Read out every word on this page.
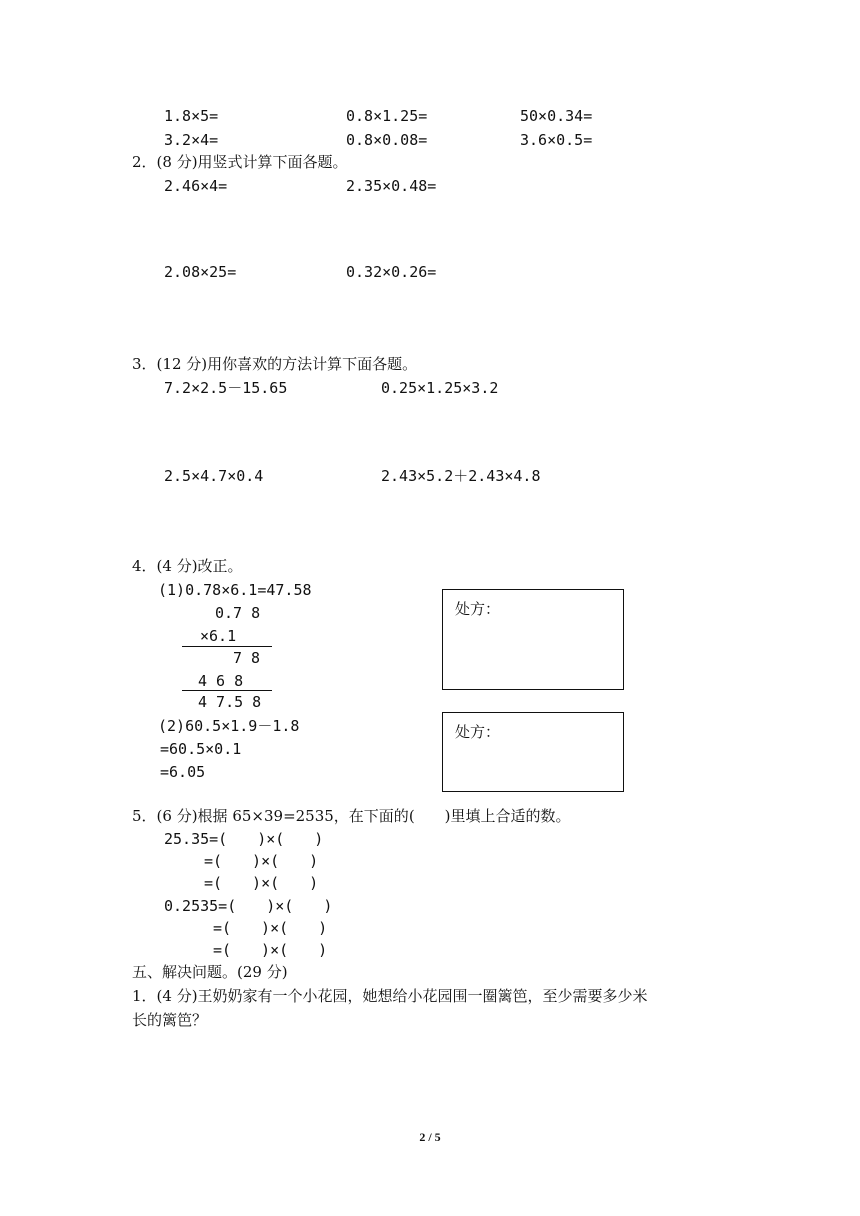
1.8×5=	0.8×1.25=	50×0.34=
3.2×4=	0.8×0.08=	3.6×0.5=
2．(8 分)用竖式计算下面各题。
2.46×4=	2.35×0.48=
2.08×25=	0.32×0.26=
3．(12 分)用你喜欢的方法计算下面各题。
7.2×2.5－15.65	0.25×1.25×3.2
2.5×4.7×0.4	2.43×5.2＋2.43×4.8
4．(4 分)改正。
(1)0.78×6.1=47.58
0.7 8
×6.1
7 8
4 6 8
4 7.5 8
处方：
(2)60.5×1.9－1.8
=60.5×0.1
=6.05
处方：
5．(6 分)根据 65×39=2535，在下面的(　　)里填上合适的数。
25.35=(　　)×(　　)
=(　　)×(　　)
=(　　)×(　　)
0.2535=(　　)×(　　)
=(　　)×(　　)
=(　　)×(　　)
五、解决问题。(29 分)
1．(4 分)王奶奶家有一个小花园，她想给小花园围一圈篱笆，至少需要多少米
长的篱笆？
2 / 5
